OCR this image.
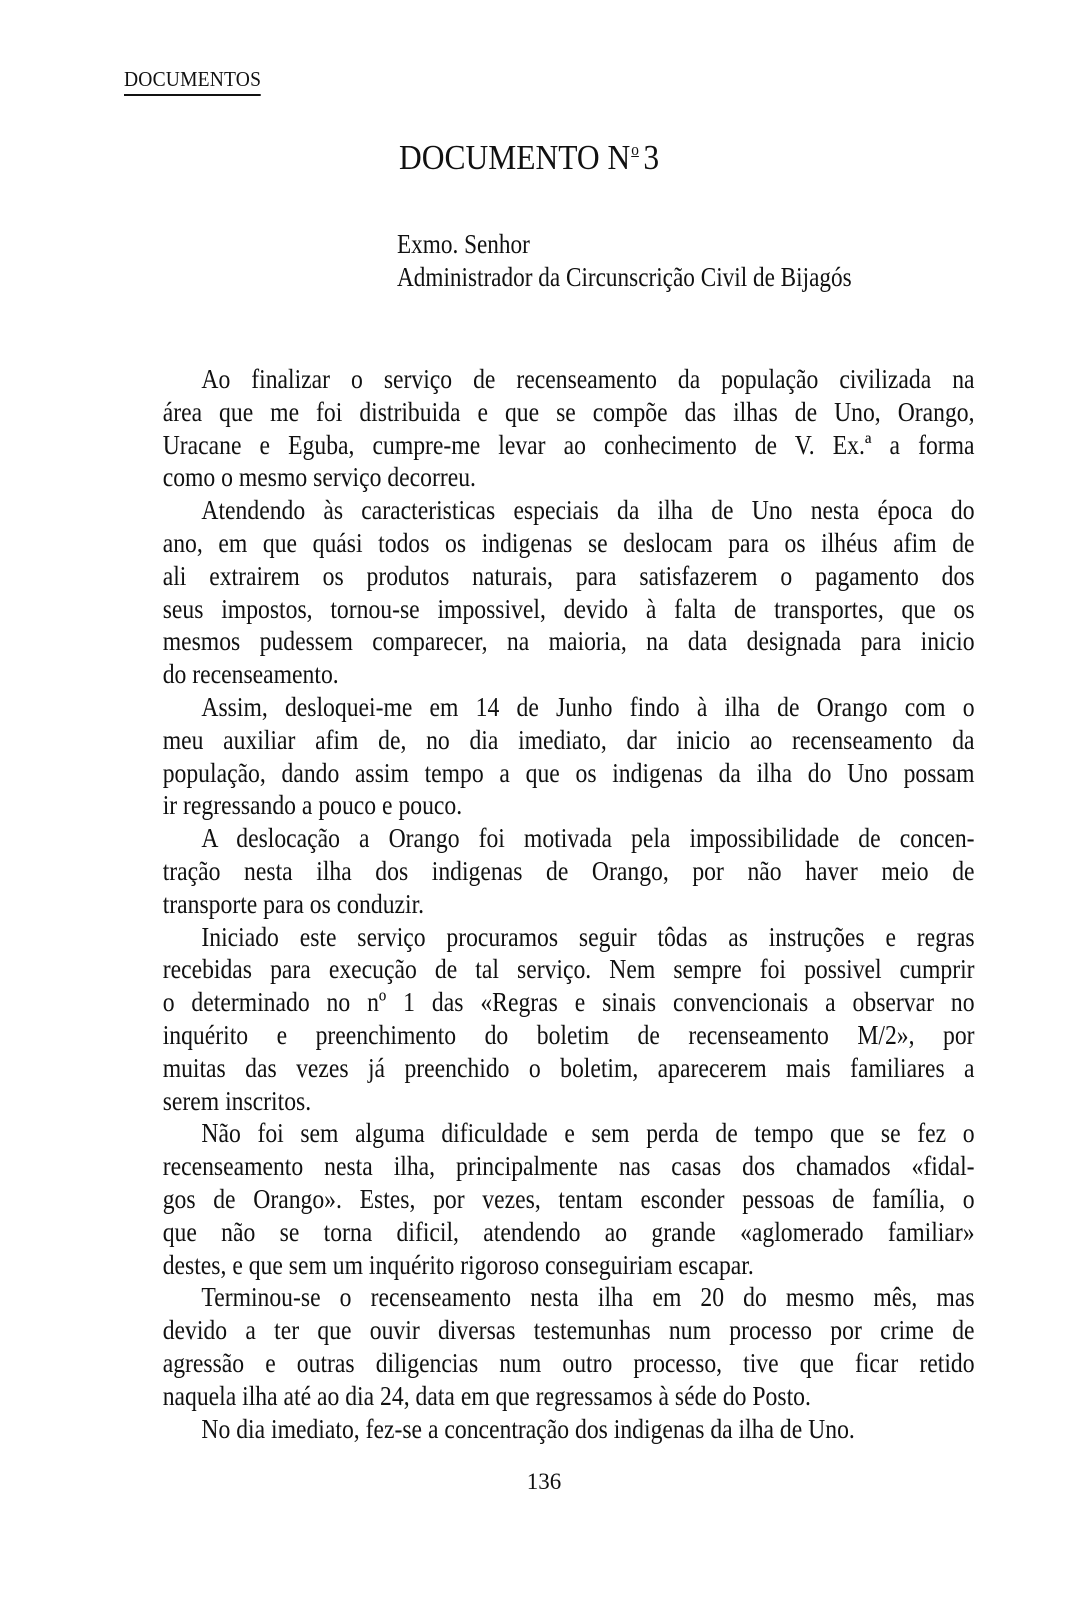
DOCUMENTOS
DOCUMENTO $N^o$ 3
Exmo. Senhor
Administrador da Circunscrição Civil de Bijagós
Ao finalizar o serviço de recenseamento da população civilizada na
área que me foi distribuida e que se compõe das ilhas de Uno, Orango,
Uracane e Eguba, cumpre-me levar ao conhecimento de V. Ex.ª a forma
como o mesmo serviço decorreu.
Atendendo às caracteristicas especiais da ilha de Uno nesta época do
ano, em que quási todos os indigenas se deslocam para os ilhéus afim de
ali extrairem os produtos naturais, para satisfazerem o pagamento dos
seus impostos, tornou-se impossivel, devido à falta de transportes, que os
mesmos pudessem comparecer, na maioria, na data designada para inicio
do recenseamento.
Assim, desloquei-me em 14 de Junho findo à ilha de Orango com o
meu auxiliar afim de, no dia imediato, dar inicio ao recenseamento da
população, dando assim tempo a que os indigenas da ilha do Uno possam
ir regressando a pouco e pouco.
A deslocação a Orango foi motivada pela impossibilidade de concen-
tração nesta ilha dos indigenas de Orango, por não haver meio de
transporte para os conduzir.
Iniciado este serviço procuramos seguir tôdas as instruções e regras
recebidas para execução de tal serviço. Nem sempre foi possivel cumprir
o determinado no nº 1 das «Regras e sinais convencionais a observar no
inquérito e preenchimento do boletim de recenseamento M/2», por
muitas das vezes já preenchido o boletim, aparecerem mais familiares a
serem inscritos.
Não foi sem alguma dificuldade e sem perda de tempo que se fez o
recenseamento nesta ilha, principalmente nas casas dos chamados «fidal-
gos de Orango». Estes, por vezes, tentam esconder pessoas de família, o
que não se torna dificil, atendendo ao grande «aglomerado familiar»
destes, e que sem um inquérito rigoroso conseguiriam escapar.
Terminou-se o recenseamento nesta ilha em 20 do mesmo mês, mas
devido a ter que ouvir diversas testemunhas num processo por crime de
agressão e outras diligencias num outro processo, tive que ficar retido
naquela ilha até ao dia 24, data em que regressamos à séde do Posto.
No dia imediato, fez-se a concentração dos indigenas da ilha de Uno.
136
